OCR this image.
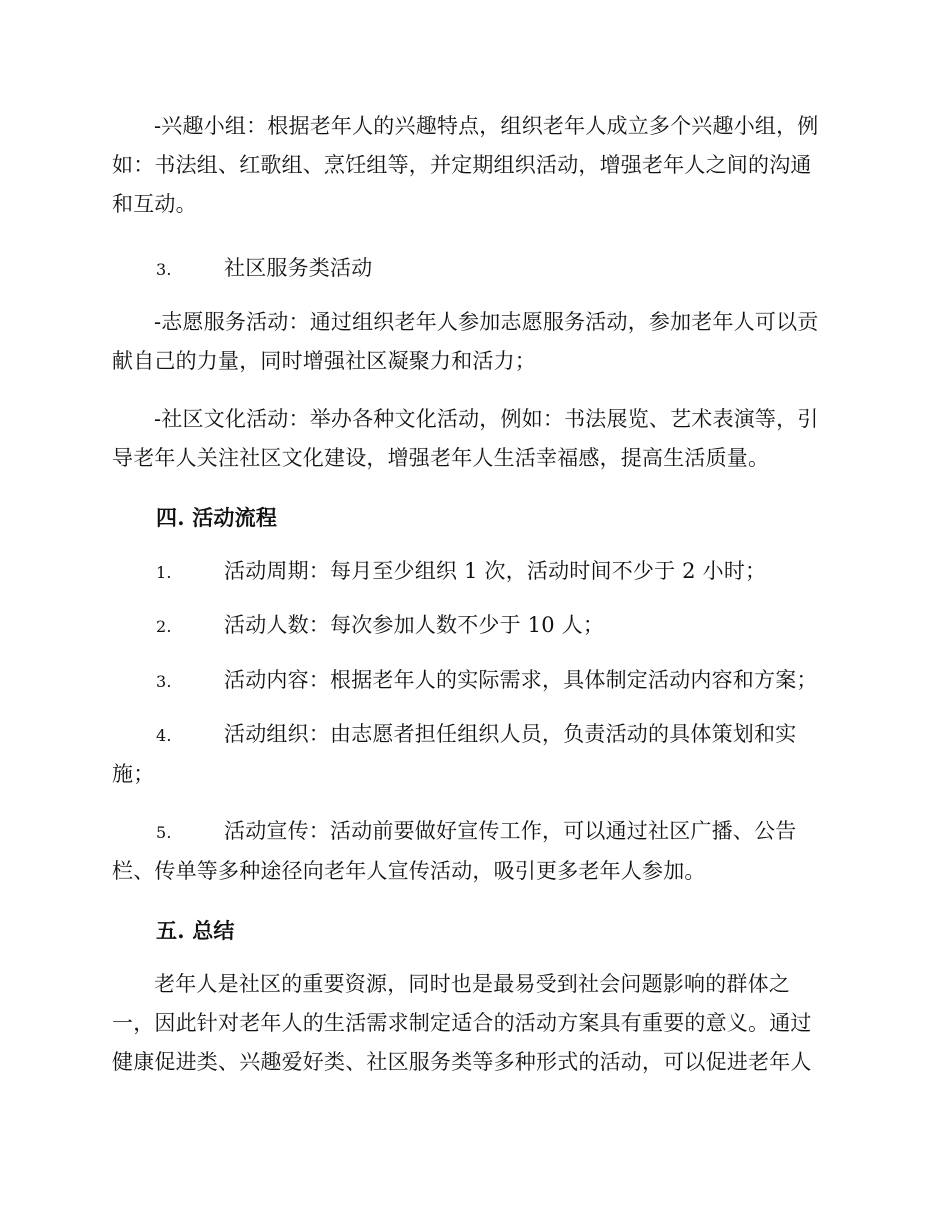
-兴趣小组：根据老年人的兴趣特点，组织老年人成立多个兴趣小组，例如：书法组、红歌组、烹饪组等，并定期组织活动，增强老年人之间的沟通和互动。
3.	社区服务类活动
-志愿服务活动：通过组织老年人参加志愿服务活动，参加老年人可以贡献自己的力量，同时增强社区凝聚力和活力；
-社区文化活动：举办各种文化活动，例如：书法展览、艺术表演等，引导老年人关注社区文化建设，增强老年人生活幸福感，提高生活质量。
四. 活动流程
1.	活动周期：每月至少组织 1 次，活动时间不少于 2 小时；
2.	活动人数：每次参加人数不少于 10 人；
3.	活动内容：根据老年人的实际需求，具体制定活动内容和方案；
4. 活动组织：由志愿者担任组织人员，负责活动的具体策划和实施；
5. 活动宣传：活动前要做好宣传工作，可以通过社区广播、公告栏、传单等多种途径向老年人宣传活动，吸引更多老年人参加。
五. 总结
老年人是社区的重要资源，同时也是最易受到社会问题影响的群体之一，因此针对老年人的生活需求制定适合的活动方案具有重要的意义。通过健康促进类、兴趣爱好类、社区服务类等多种形式的活动，可以促进老年人
